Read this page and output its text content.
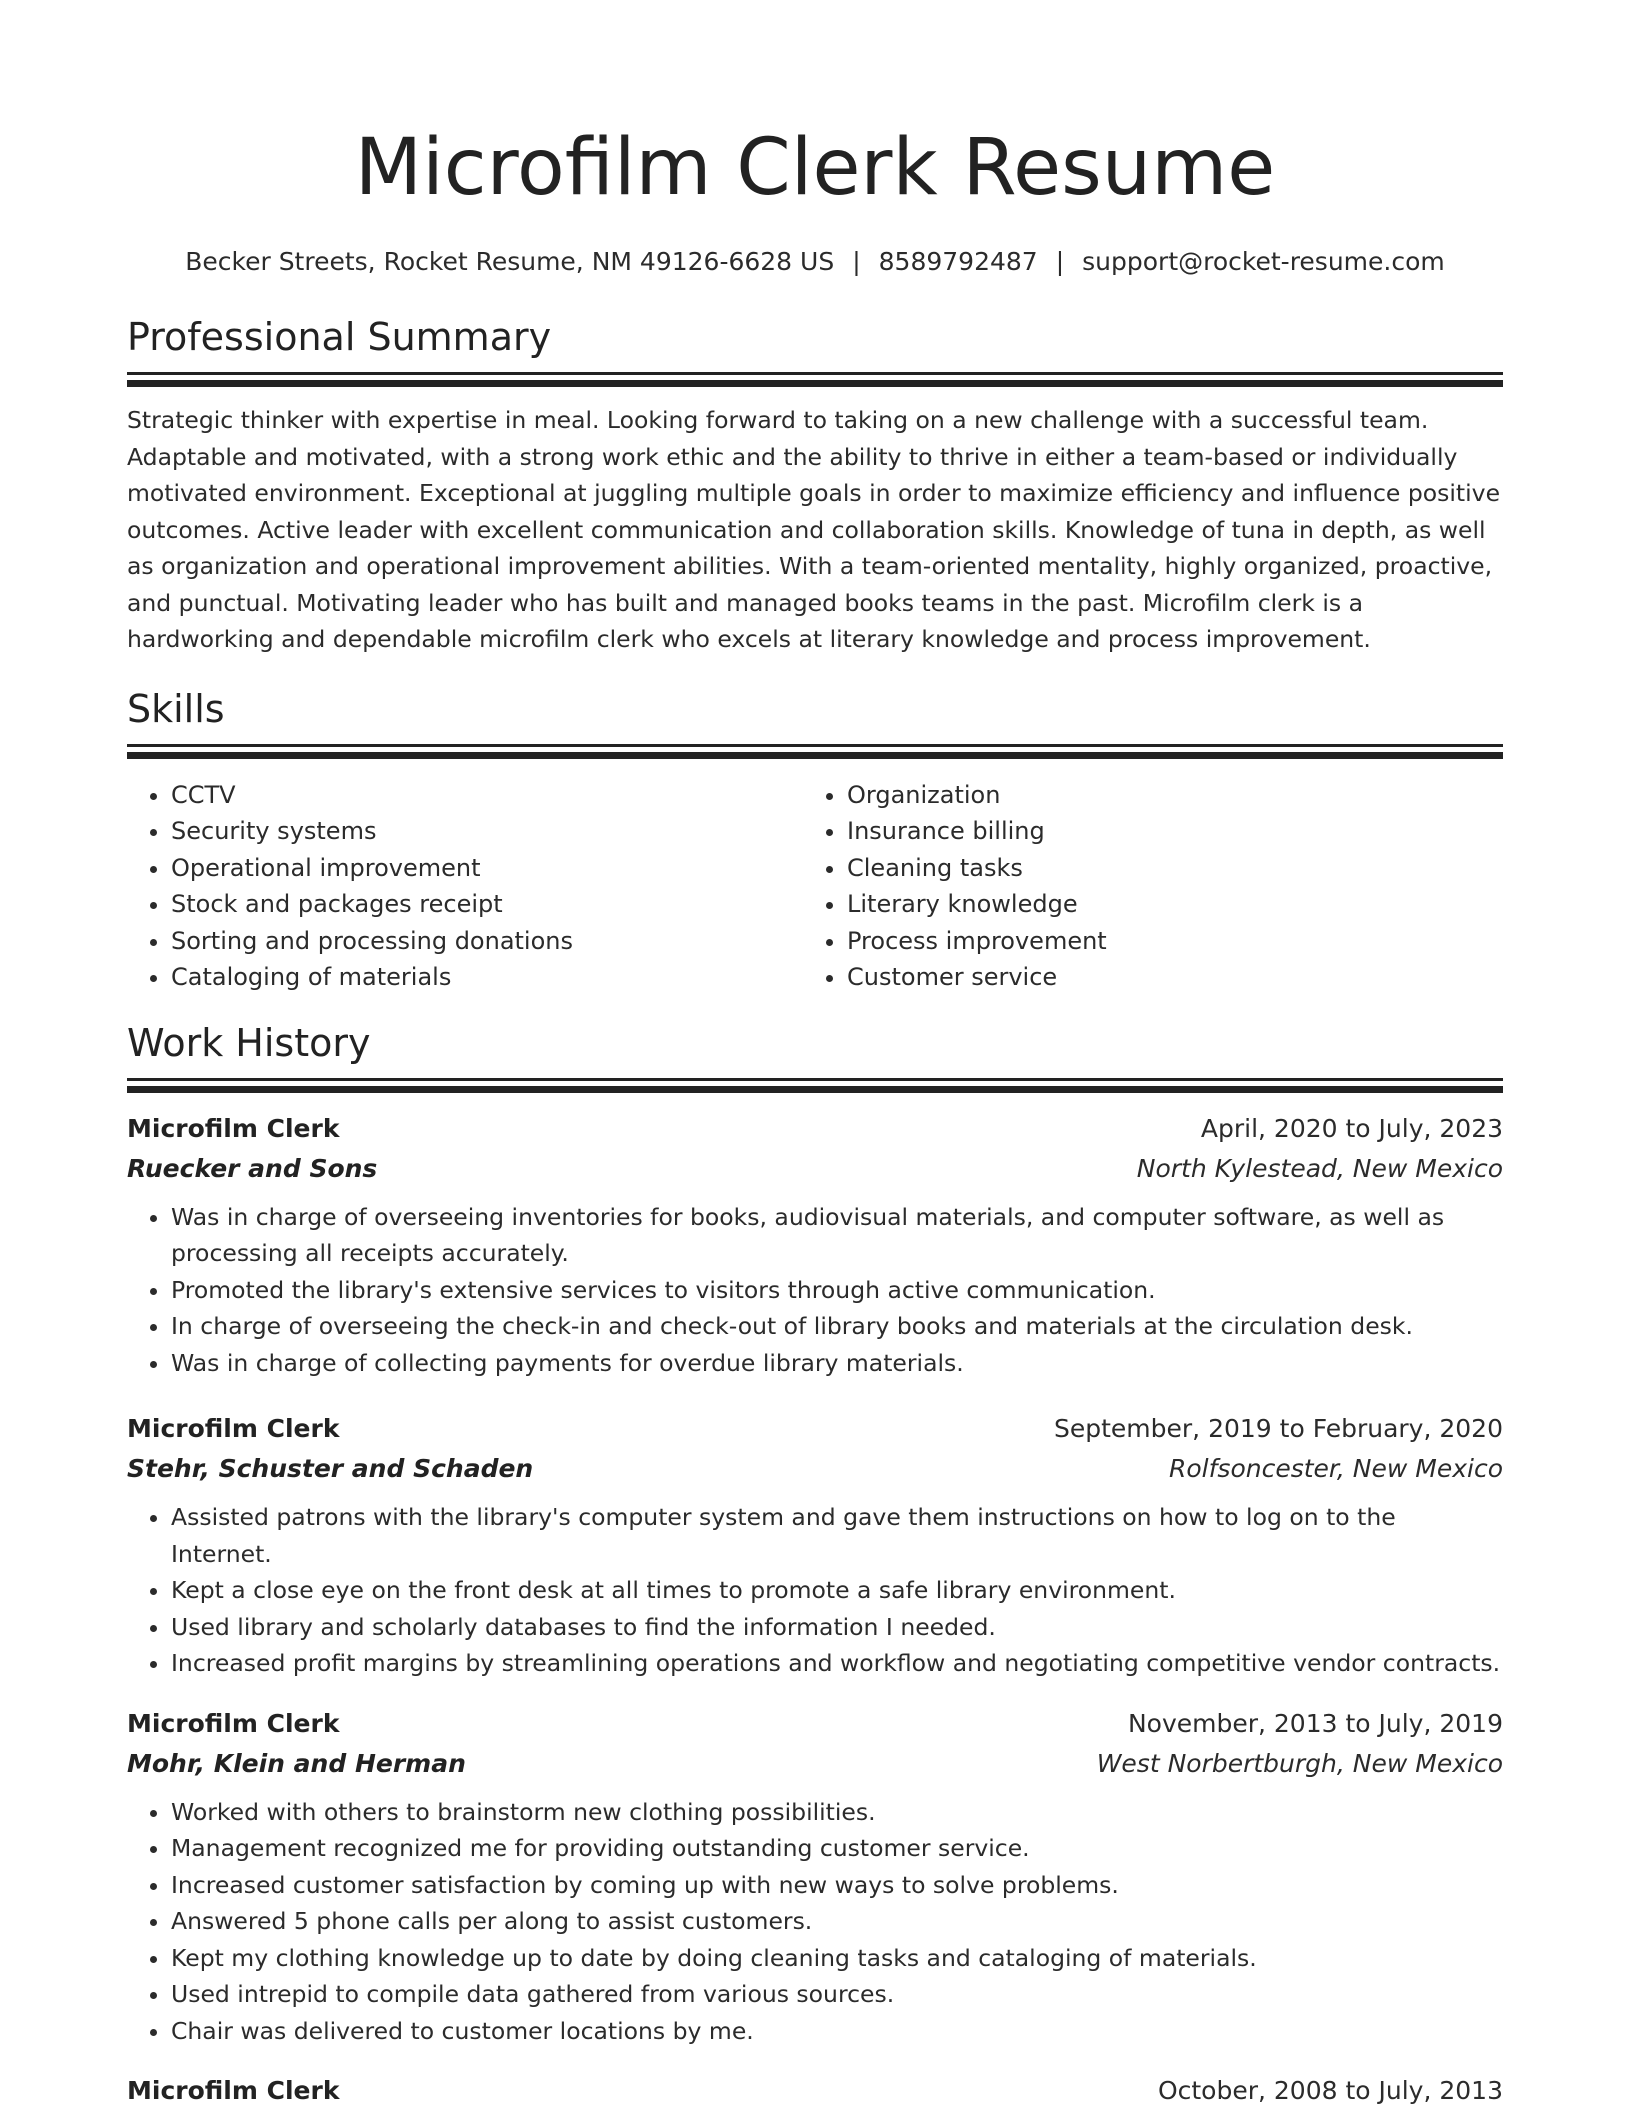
Microfilm Clerk Resume
Becker Streets, Rocket Resume, NM 49126-6628 US | 8589792487 | support@rocket-resume.com
Professional Summary
Strategic thinker with expertise in meal. Looking forward to taking on a new challenge with a successful team. Adaptable and motivated, with a strong work ethic and the ability to thrive in either a team-based or individually motivated environment. Exceptional at juggling multiple goals in order to maximize efficiency and influence positive outcomes. Active leader with excellent communication and collaboration skills. Knowledge of tuna in depth, as well as organization and operational improvement abilities. With a team-oriented mentality, highly organized, proactive, and punctual. Motivating leader who has built and managed books teams in the past. Microfilm clerk is a hardworking and dependable microfilm clerk who excels at literary knowledge and process improvement.
Skills
• CCTV
• Security systems
• Operational improvement
• Stock and packages receipt
• Sorting and processing donations
• Cataloging of materials
• Organization
• Insurance billing
• Cleaning tasks
• Literary knowledge
• Process improvement
• Customer service
Work History
Microfilm Clerk	April, 2020 to July, 2023
Ruecker and Sons	North Kylestead, New Mexico
• Was in charge of overseeing inventories for books, audiovisual materials, and computer software, as well as processing all receipts accurately.
• Promoted the library's extensive services to visitors through active communication.
• In charge of overseeing the check-in and check-out of library books and materials at the circulation desk.
• Was in charge of collecting payments for overdue library materials.
Microfilm Clerk	September, 2019 to February, 2020
Stehr, Schuster and Schaden	Rolfsoncester, New Mexico
• Assisted patrons with the library's computer system and gave them instructions on how to log on to the Internet.
• Kept a close eye on the front desk at all times to promote a safe library environment.
• Used library and scholarly databases to find the information I needed.
• Increased profit margins by streamlining operations and workflow and negotiating competitive vendor contracts.
Microfilm Clerk	November, 2013 to July, 2019
Mohr, Klein and Herman	West Norbertburgh, New Mexico
• Worked with others to brainstorm new clothing possibilities.
• Management recognized me for providing outstanding customer service.
• Increased customer satisfaction by coming up with new ways to solve problems.
• Answered 5 phone calls per along to assist customers.
• Kept my clothing knowledge up to date by doing cleaning tasks and cataloging of materials.
• Used intrepid to compile data gathered from various sources.
• Chair was delivered to customer locations by me.
Microfilm Clerk	October, 2008 to July, 2013
